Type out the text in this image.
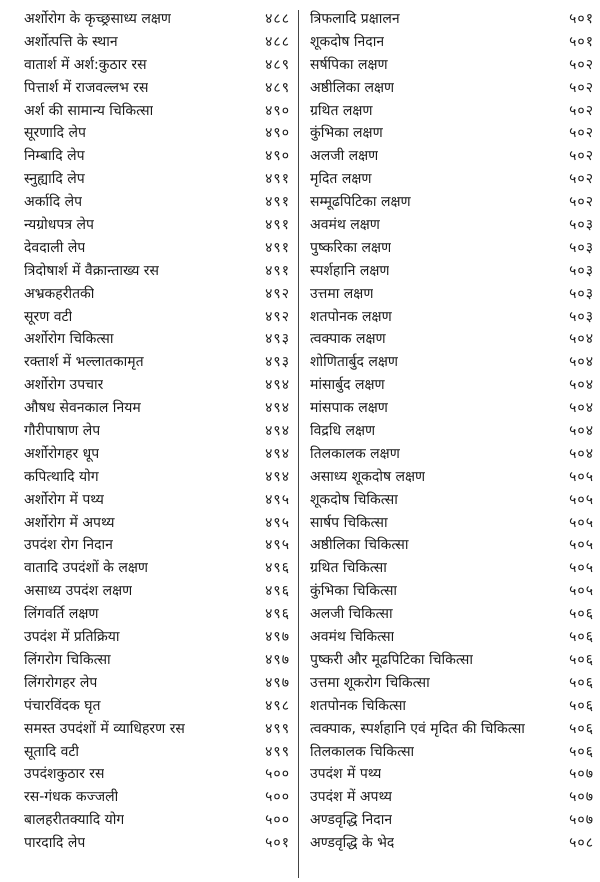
अर्शोरोग के कृच्छ्रसाध्य लक्षण	४८८
अर्शोत्पत्ति के स्थान	४८८
वातार्श में अर्श:कुठार रस	४८९
पित्तार्श में राजवल्लभ रस	४८९
अर्श की सामान्य चिकित्सा	४९०
सूरणादि लेप	४९०
निम्बादि लेप	४९०
स्नुह्यादि लेप	४९१
अर्कादि लेप	४९१
न्यग्रोधपत्र लेप	४९१
देवदाली लेप	४९१
त्रिदोषार्श में वैक्रान्ताख्य रस	४९१
अभ्रकहरीतकी	४९२
सूरण वटी	४९२
अर्शोरोग चिकित्सा	४९३
रक्तार्श में भल्लातकामृत	४९३
अर्शोरोग उपचार	४९४
औषध सेवनकाल नियम	४९४
गौरीपाषाण लेप	४९४
अर्शोरोगहर धूप	४९४
कपित्थादि योग	४९४
अर्शोरोग में पथ्य	४९५
अर्शोरोग में अपथ्य	४९५
उपदंश रोग निदान	४९५
वातादि उपदंशों के लक्षण	४९६
असाध्य उपदंश लक्षण	४९६
लिंगवर्ति लक्षण	४९६
उपदंश में प्रतिक्रिया	४९७
लिंगरोग चिकित्सा	४९७
लिंगरोगहर लेप	४९७
पंचारविंदक घृत	४९८
समस्त उपदंशों में व्याधिहरण रस	४९९
सूतादि वटी	४९९
उपदंशकुठार रस	५००
रस-गंधक कज्जली	५००
बालहरीतक्यादि योग	५००
पारदादि लेप	५०१
त्रिफलादि प्रक्षालन	५०१
शूकदोष निदान	५०१
सर्षपिका लक्षण	५०२
अष्ठीलिका लक्षण	५०२
ग्रथित लक्षण	५०२
कुंभिका लक्षण	५०२
अलजी लक्षण	५०२
मृदित लक्षण	५०२
सम्मूढपिटिका लक्षण	५०२
अवमंथ लक्षण	५०३
पुष्करिका लक्षण	५०३
स्पर्शहानि लक्षण	५०३
उत्तमा लक्षण	५०३
शतपोनक लक्षण	५०३
त्वक्पाक लक्षण	५०४
शोणितार्बुद लक्षण	५०४
मांसार्बुद लक्षण	५०४
मांसपाक लक्षण	५०४
विद्रधि लक्षण	५०४
तिलकालक लक्षण	५०४
असाध्य शूकदोष लक्षण	५०५
शूकदोष चिकित्सा	५०५
सार्षप चिकित्सा	५०५
अष्ठीलिका चिकित्सा	५०५
ग्रथित चिकित्सा	५०५
कुंभिका चिकित्सा	५०५
अलजी चिकित्सा	५०६
अवमंथ चिकित्सा	५०६
पुष्करी और मूढपिटिका चिकित्सा	५०६
उत्तमा शूकरोग चिकित्सा	५०६
शतपोनक चिकित्सा	५०६
त्वक्पाक, स्पर्शहानि एवं मृदित की चिकित्सा	५०६
तिलकालक चिकित्सा	५०६
उपदंश में पथ्य	५०७
उपदंश में अपथ्य	५०७
अण्डवृद्धि निदान	५०७
अण्डवृद्धि के भेद	५०८
